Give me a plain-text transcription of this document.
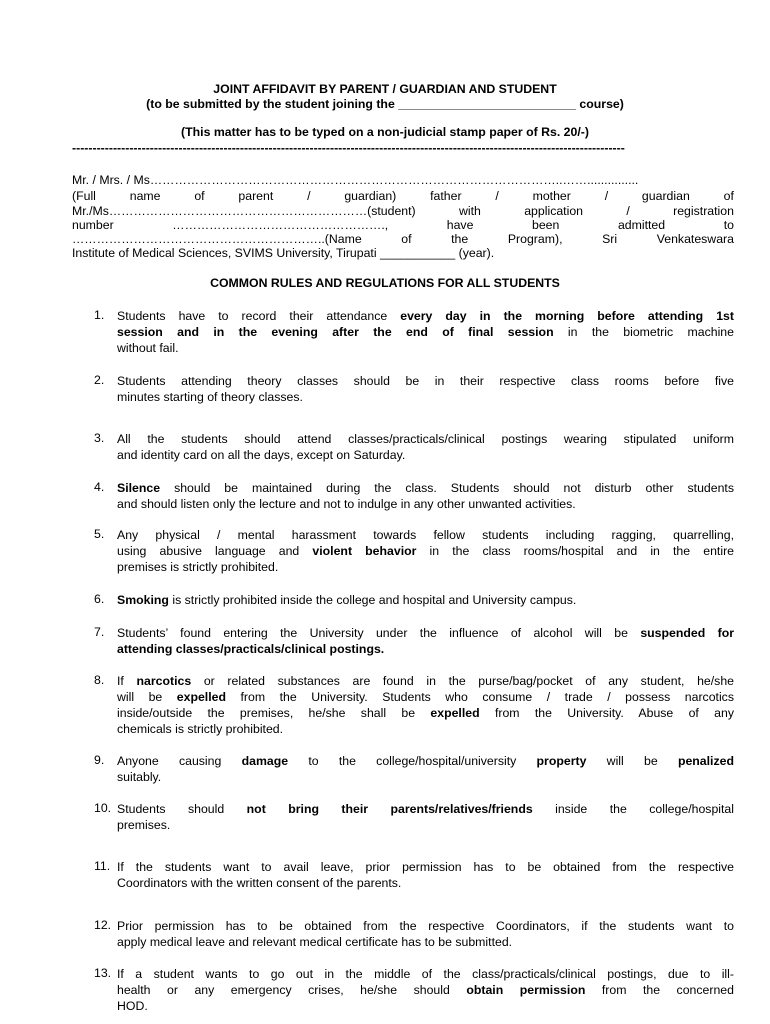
JOINT AFFIDAVIT BY PARENT / GUARDIAN AND STUDENT
(to be submitted by the student joining the __________________________ course)
(This matter has to be typed on a non-judicial stamp paper of Rs. 20/-)
---------------------------------------------------------------------------------------------------------------------------------------
Mr. / Mrs. / Ms………………………………………………………………………………………..……...............
(Full	name	of	parent	/	guardian)	father	/	mother	/	guardian	of
Mr./Ms………………………………………………………(student)	with	application	/	registration
number	…………………………………………….,	have	been	admitted	to
……………………………………………………..(Name	of	the	Program),	Sri	Venkateswara
Institute of Medical Sciences, SVIMS University, Tirupati ___________ (year).
COMMON RULES AND REGULATIONS FOR ALL STUDENTS
1. Students have to record their attendance every day in the morning before attending 1st
session and in the evening after the end of final session in the biometric machine
without fail.
2. Students attending theory classes should be in their respective class rooms before five
minutes starting of theory classes.
3. All the students should attend classes/practicals/clinical postings wearing stipulated uniform
and identity card on all the days, except on Saturday.
4. Silence should be maintained during the class. Students should not disturb other students
and should listen only the lecture and not to indulge in any other unwanted activities.
5. Any physical / mental harassment towards fellow students including ragging, quarrelling,
using abusive language and violent behavior in the class rooms/hospital and in the entire
premises is strictly prohibited.
6. Smoking is strictly prohibited inside the college and hospital and University campus.
7. Students’ found entering the University under the influence of alcohol will be suspended for
attending classes/practicals/clinical postings.
8. If narcotics or related substances are found in the purse/bag/pocket of any student, he/she
will be expelled from the University. Students who consume / trade / possess narcotics
inside/outside the premises, he/she shall be expelled from the University. Abuse of any
chemicals is strictly prohibited.
9. Anyone causing damage to the college/hospital/university property will be penalized
suitably.
10. Students should not bring their parents/relatives/friends inside the college/hospital
premises.
11. If the students want to avail leave, prior permission has to be obtained from the respective
Coordinators with the written consent of the parents.
12. Prior permission has to be obtained from the respective Coordinators, if the students want to
apply medical leave and relevant medical certificate has to be submitted.
13. If a student wants to go out in the middle of the class/practicals/clinical postings, due to ill-
health or any emergency crises, he/she should obtain permission from the concerned
HOD.
